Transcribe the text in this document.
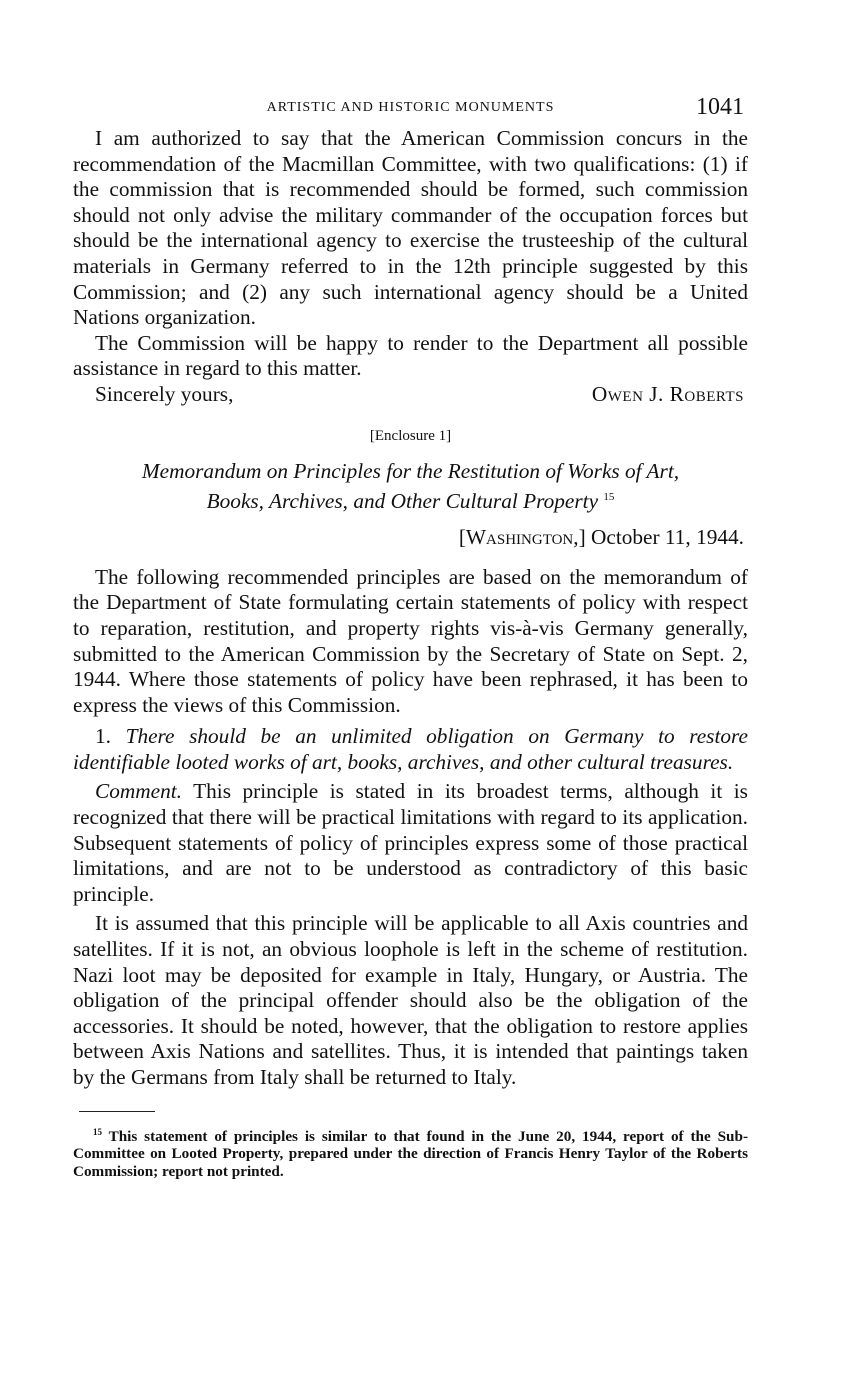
ARTISTIC AND HISTORIC MONUMENTS	1041

I am authorized to say that the American Commission concurs in the recommendation of the Macmillan Committee, with two qualifications: (1) if the commission that is recommended should be formed, such commission should not only advise the military commander of the occupation forces but should be the international agency to exercise the trusteeship of the cultural materials in Germany referred to in the 12th principle suggested by this Commission; and (2) any such international agency should be a United Nations organization.

The Commission will be happy to render to the Department all possible assistance in regard to this matter.

Sincerely yours,	Owen J. Roberts
[Enclosure 1]
Memorandum on Principles for the Restitution of Works of Art,
Books, Archives, and Other Cultural Property $^{15}$
[Washington,] October 11, 1944.

The following recommended principles are based on the memorandum of the Department of State formulating certain statements of policy with respect to reparation, restitution, and property rights vis-à-vis Germany generally, submitted to the American Commission by the Secretary of State on Sept. 2, 1944. Where those statements of policy have been rephrased, it has been to express the views of this Commission.

1. There should be an unlimited obligation on Germany to restore identifiable looted works of art, books, archives, and other cultural treasures.

Comment. This principle is stated in its broadest terms, although it is recognized that there will be practical limitations with regard to its application. Subsequent statements of policy of principles express some of those practical limitations, and are not to be understood as contradictory of this basic principle.

It is assumed that this principle will be applicable to all Axis countries and satellites. If it is not, an obvious loophole is left in the scheme of restitution. Nazi loot may be deposited for example in Italy, Hungary, or Austria. The obligation of the principal offender should also be the obligation of the accessories. It should be noted, however, that the obligation to restore applies between Axis Nations and satellites. Thus, it is intended that paintings taken by the Germans from Italy shall be returned to Italy.

$^{15}$ This statement of principles is similar to that found in the June 20, 1944, report of the Sub-Committee on Looted Property, prepared under the direction of Francis Henry Taylor of the Roberts Commission; report not printed.
